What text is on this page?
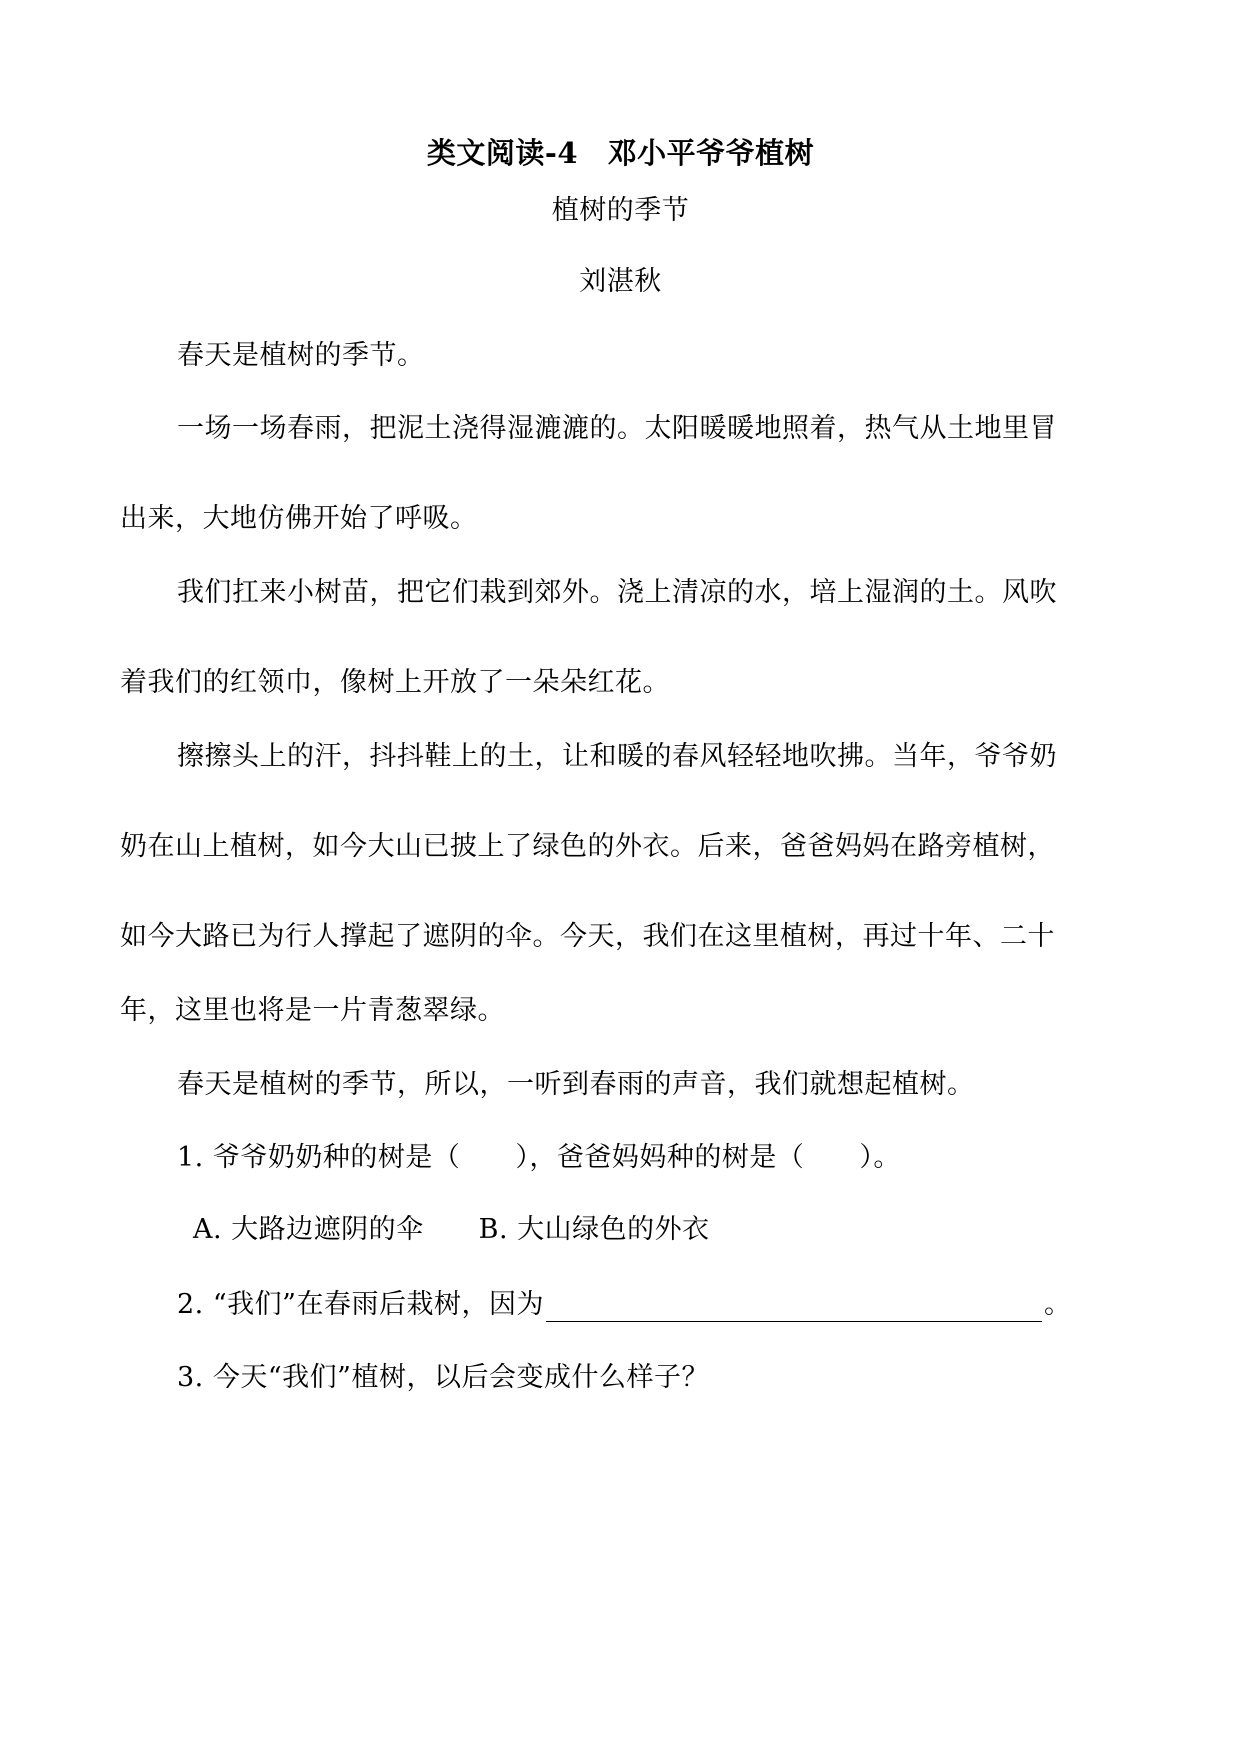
类文阅读-4　邓小平爷爷植树
植树的季节
刘湛秋
春天是植树的季节。
一场一场春雨，把泥土浇得湿漉漉的。太阳暖暖地照着，热气从土地里冒
出来，大地仿佛开始了呼吸。
我们扛来小树苗，把它们栽到郊外。浇上清凉的水，培上湿润的土。风吹
着我们的红领巾，像树上开放了一朵朵红花。
擦擦头上的汗，抖抖鞋上的土，让和暖的春风轻轻地吹拂。当年，爷爷奶
奶在山上植树，如今大山已披上了绿色的外衣。后来，爸爸妈妈在路旁植树，
如今大路已为行人撑起了遮阴的伞。今天，我们在这里植树，再过十年、二十
年，这里也将是一片青葱翠绿。
春天是植树的季节，所以，一听到春雨的声音，我们就想起植树。
1. 爷爷奶奶种的树是（　　），爸爸妈妈种的树是（　　）。
A. 大路边遮阴的伞　　B. 大山绿色的外衣
2. “我们”在春雨后栽树，因为	。
3. 今天“我们”植树，以后会变成什么样子？
